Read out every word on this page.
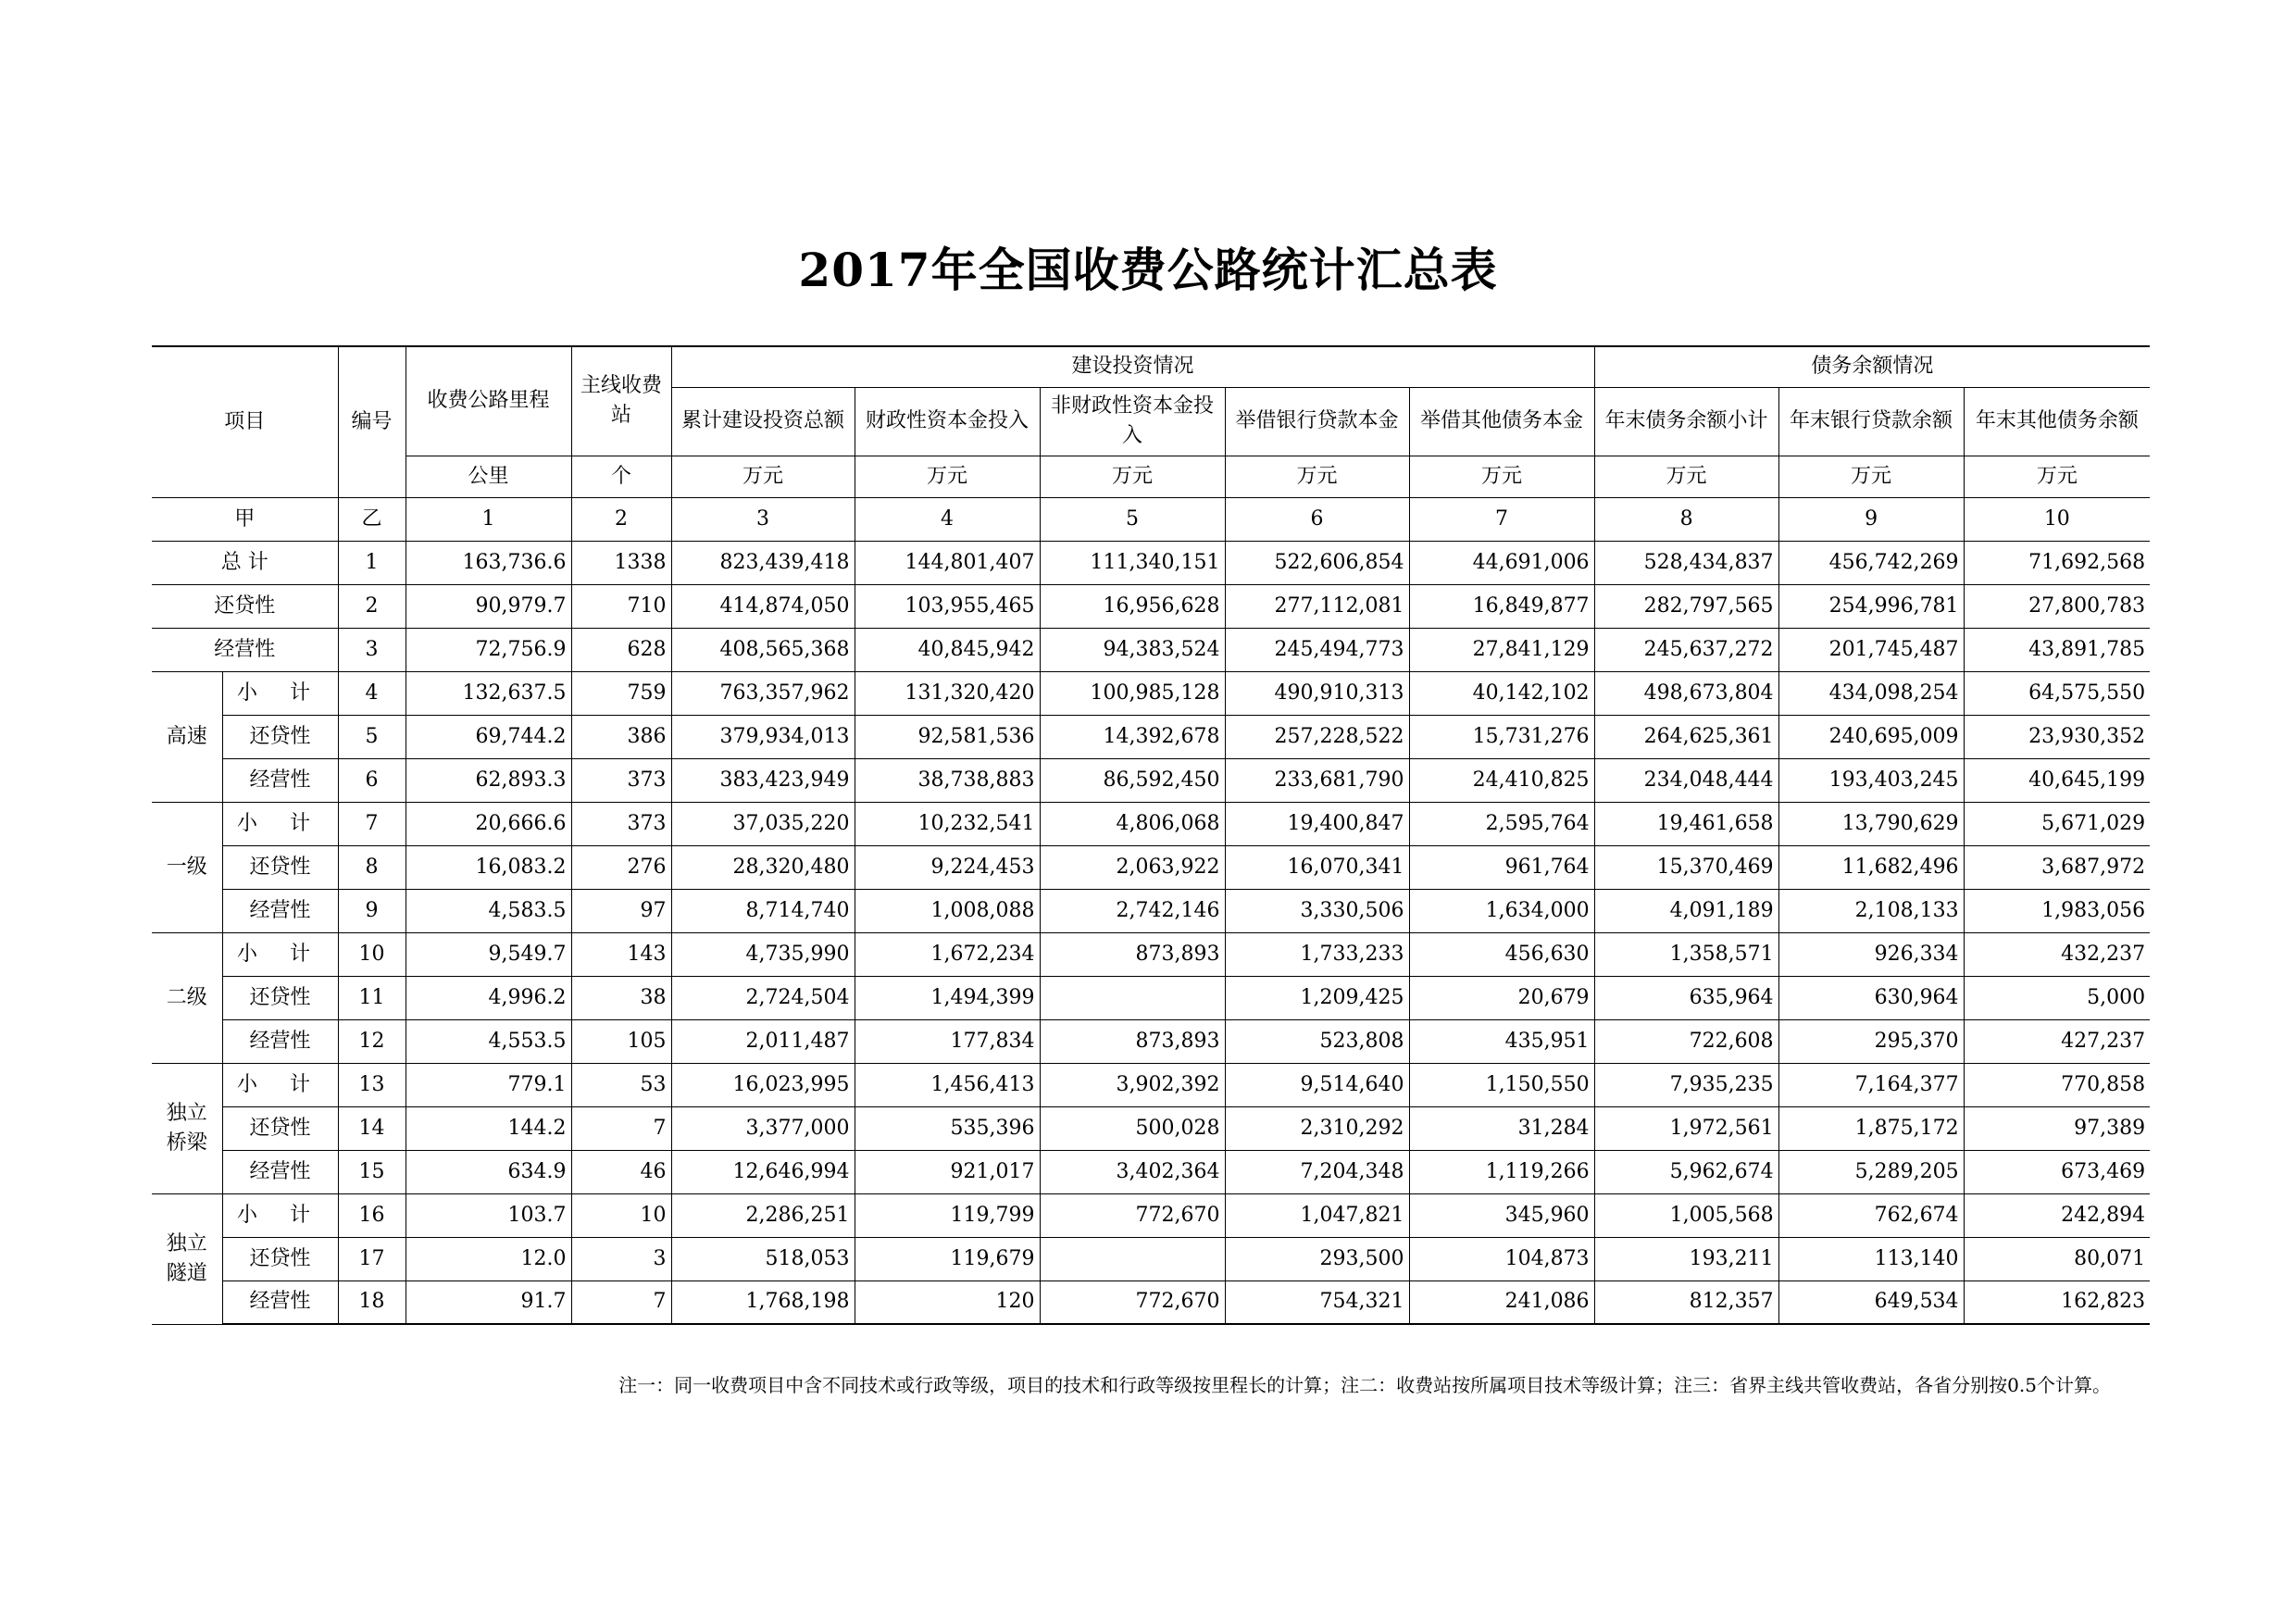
2017年全国收费公路统计汇总表
项目		编号	收费公路里程	主线收费站	建设投资情况					债务余额情况		
					累计建设投资总额	财政性资本金投入	非财政性资本金投入	举借银行贷款本金	举借其他债务本金	年末债务余额小计	年末银行贷款余额	年末其他债务余额
			公里	个	万元	万元	万元	万元	万元	万元	万元	万元
甲		乙	1	2	3	4	5	6	7	8	9	10
总 计		1	163,736.6	1338	823,439,418	144,801,407	111,340,151	522,606,854	44,691,006	528,434,837	456,742,269	71,692,568
还贷性		2	90,979.7	710	414,874,050	103,955,465	16,956,628	277,112,081	16,849,877	282,797,565	254,996,781	27,800,783
经营性		3	72,756.9	628	408,565,368	40,845,942	94,383,524	245,494,773	27,841,129	245,637,272	201,745,487	43,891,785
高速	小 计	4	132,637.5	759	763,357,962	131,320,420	100,985,128	490,910,313	40,142,102	498,673,804	434,098,254	64,575,550
	还贷性	5	69,744.2	386	379,934,013	92,581,536	14,392,678	257,228,522	15,731,276	264,625,361	240,695,009	23,930,352
	经营性	6	62,893.3	373	383,423,949	38,738,883	86,592,450	233,681,790	24,410,825	234,048,444	193,403,245	40,645,199
一级	小 计	7	20,666.6	373	37,035,220	10,232,541	4,806,068	19,400,847	2,595,764	19,461,658	13,790,629	5,671,029
	还贷性	8	16,083.2	276	28,320,480	9,224,453	2,063,922	16,070,341	961,764	15,370,469	11,682,496	3,687,972
	经营性	9	4,583.5	97	8,714,740	1,008,088	2,742,146	3,330,506	1,634,000	4,091,189	2,108,133	1,983,056
二级	小 计	10	9,549.7	143	4,735,990	1,672,234	873,893	1,733,233	456,630	1,358,571	926,334	432,237
	还贷性	11	4,996.2	38	2,724,504	1,494,399		1,209,425	20,679	635,964	630,964	5,000
	经营性	12	4,553.5	105	2,011,487	177,834	873,893	523,808	435,951	722,608	295,370	427,237
独立桥梁	小 计	13	779.1	53	16,023,995	1,456,413	3,902,392	9,514,640	1,150,550	7,935,235	7,164,377	770,858
	还贷性	14	144.2	7	3,377,000	535,396	500,028	2,310,292	31,284	1,972,561	1,875,172	97,389
	经营性	15	634.9	46	12,646,994	921,017	3,402,364	7,204,348	1,119,266	5,962,674	5,289,205	673,469
独立隧道	小 计	16	103.7	10	2,286,251	119,799	772,670	1,047,821	345,960	1,005,568	762,674	242,894
	还贷性	17	12.0	3	518,053	119,679		293,500	104,873	193,211	113,140	80,071
	经营性	18	91.7	7	1,768,198	120	772,670	754,321	241,086	812,357	649,534	162,823
注一：同一收费项目中含不同技术或行政等级，项目的技术和行政等级按里程长的计算；注二：收费站按所属项目技术等级计算；注三：省界主线共管收费站，各省分别按0.5个计算。
